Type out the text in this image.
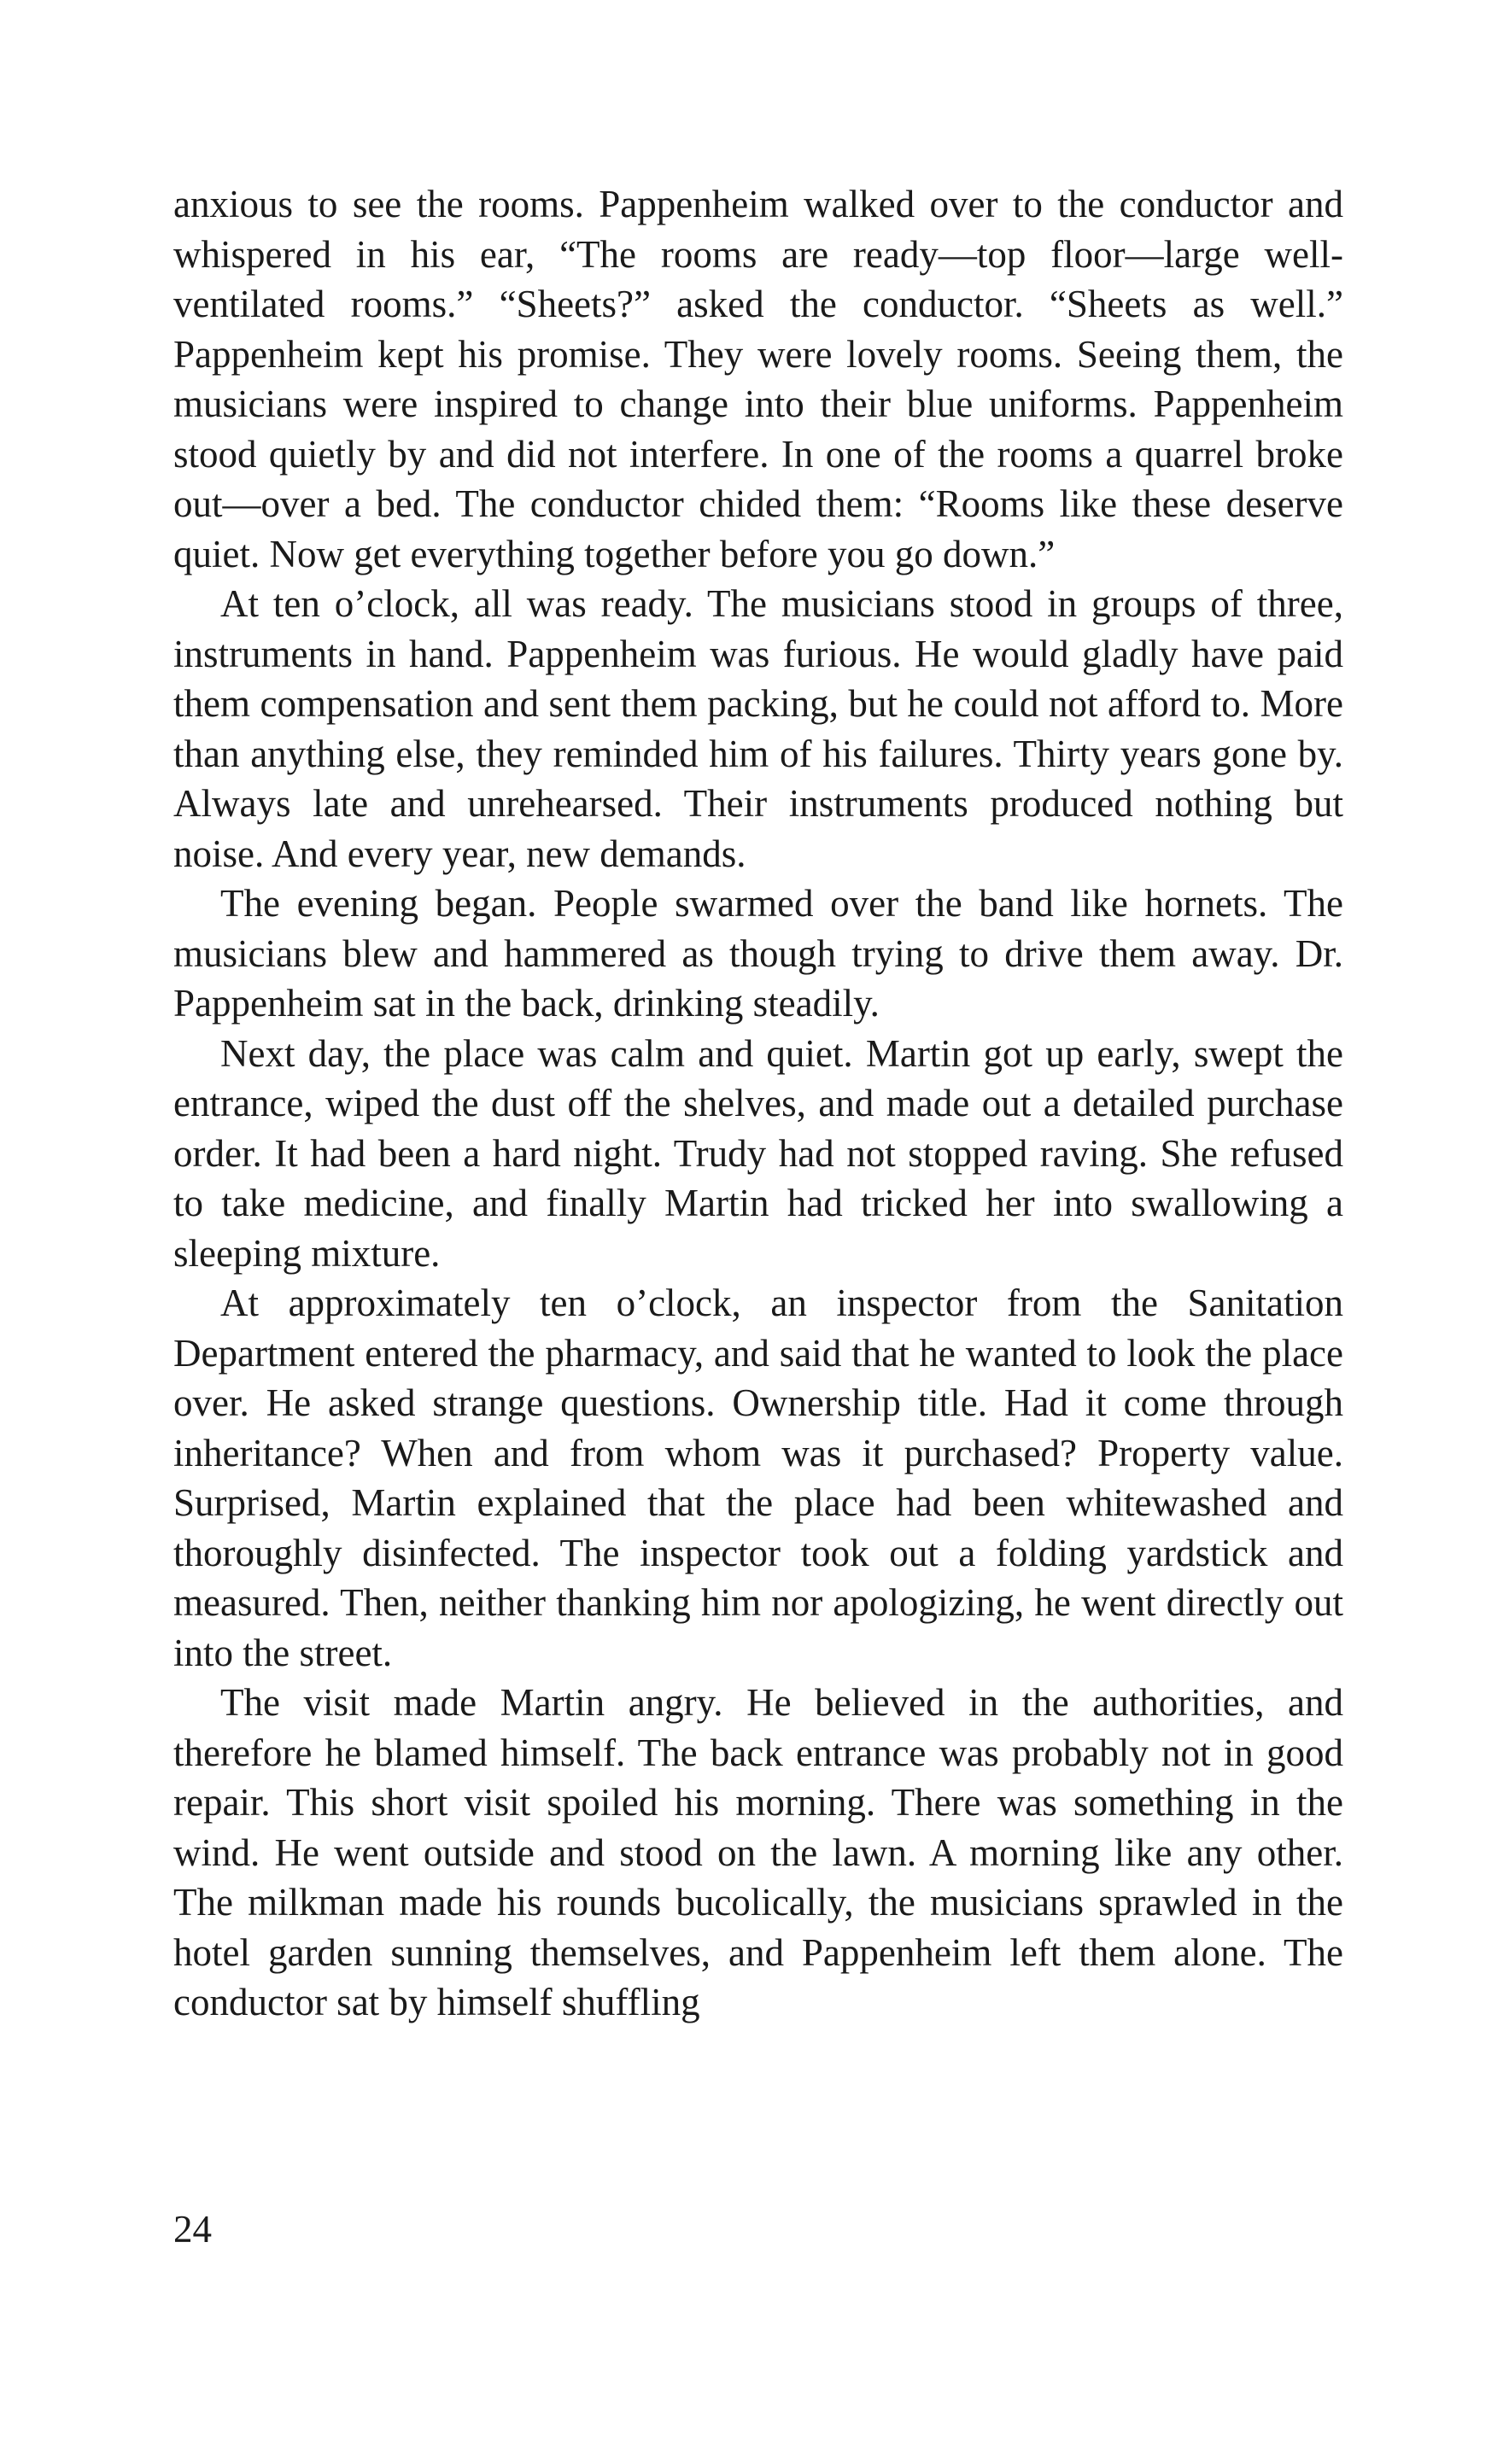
anxious to see the rooms. Pappenheim walked over to the conductor and whispered in his ear, “The rooms are ready—top floor—large well-ventilated rooms.” “Sheets?” asked the conductor. “Sheets as well.” Pappenheim kept his promise. They were lovely rooms. Seeing them, the musicians were inspired to change into their blue uniforms. Pappenheim stood quietly by and did not interfere. In one of the rooms a quarrel broke out—over a bed. The conductor chided them: “Rooms like these deserve quiet. Now get everything together before you go down.”

At ten o’clock, all was ready. The musicians stood in groups of three, instruments in hand. Pappenheim was furious. He would gladly have paid them compensation and sent them packing, but he could not afford to. More than anything else, they reminded him of his failures. Thirty years gone by. Always late and unrehearsed. Their instruments produced nothing but noise. And every year, new demands.

The evening began. People swarmed over the band like hornets. The musicians blew and hammered as though trying to drive them away. Dr. Pappenheim sat in the back, drinking steadily.

Next day, the place was calm and quiet. Martin got up early, swept the entrance, wiped the dust off the shelves, and made out a detailed purchase order. It had been a hard night. Trudy had not stopped raving. She refused to take medicine, and finally Martin had tricked her into swallowing a sleeping mixture.

At approximately ten o’clock, an inspector from the Sanitation Department entered the pharmacy, and said that he wanted to look the place over. He asked strange questions. Ownership title. Had it come through inheritance? When and from whom was it purchased? Property value. Surprised, Martin explained that the place had been whitewashed and thoroughly disinfected. The inspector took out a folding yardstick and measured. Then, neither thanking him nor apologizing, he went directly out into the street.

The visit made Martin angry. He believed in the authorities, and therefore he blamed himself. The back entrance was probably not in good repair. This short visit spoiled his morning. There was something in the wind. He went outside and stood on the lawn. A morning like any other. The milkman made his rounds bucolically, the musicians sprawled in the hotel garden sunning themselves, and Pappenheim left them alone. The conductor sat by himself shuffling

24
